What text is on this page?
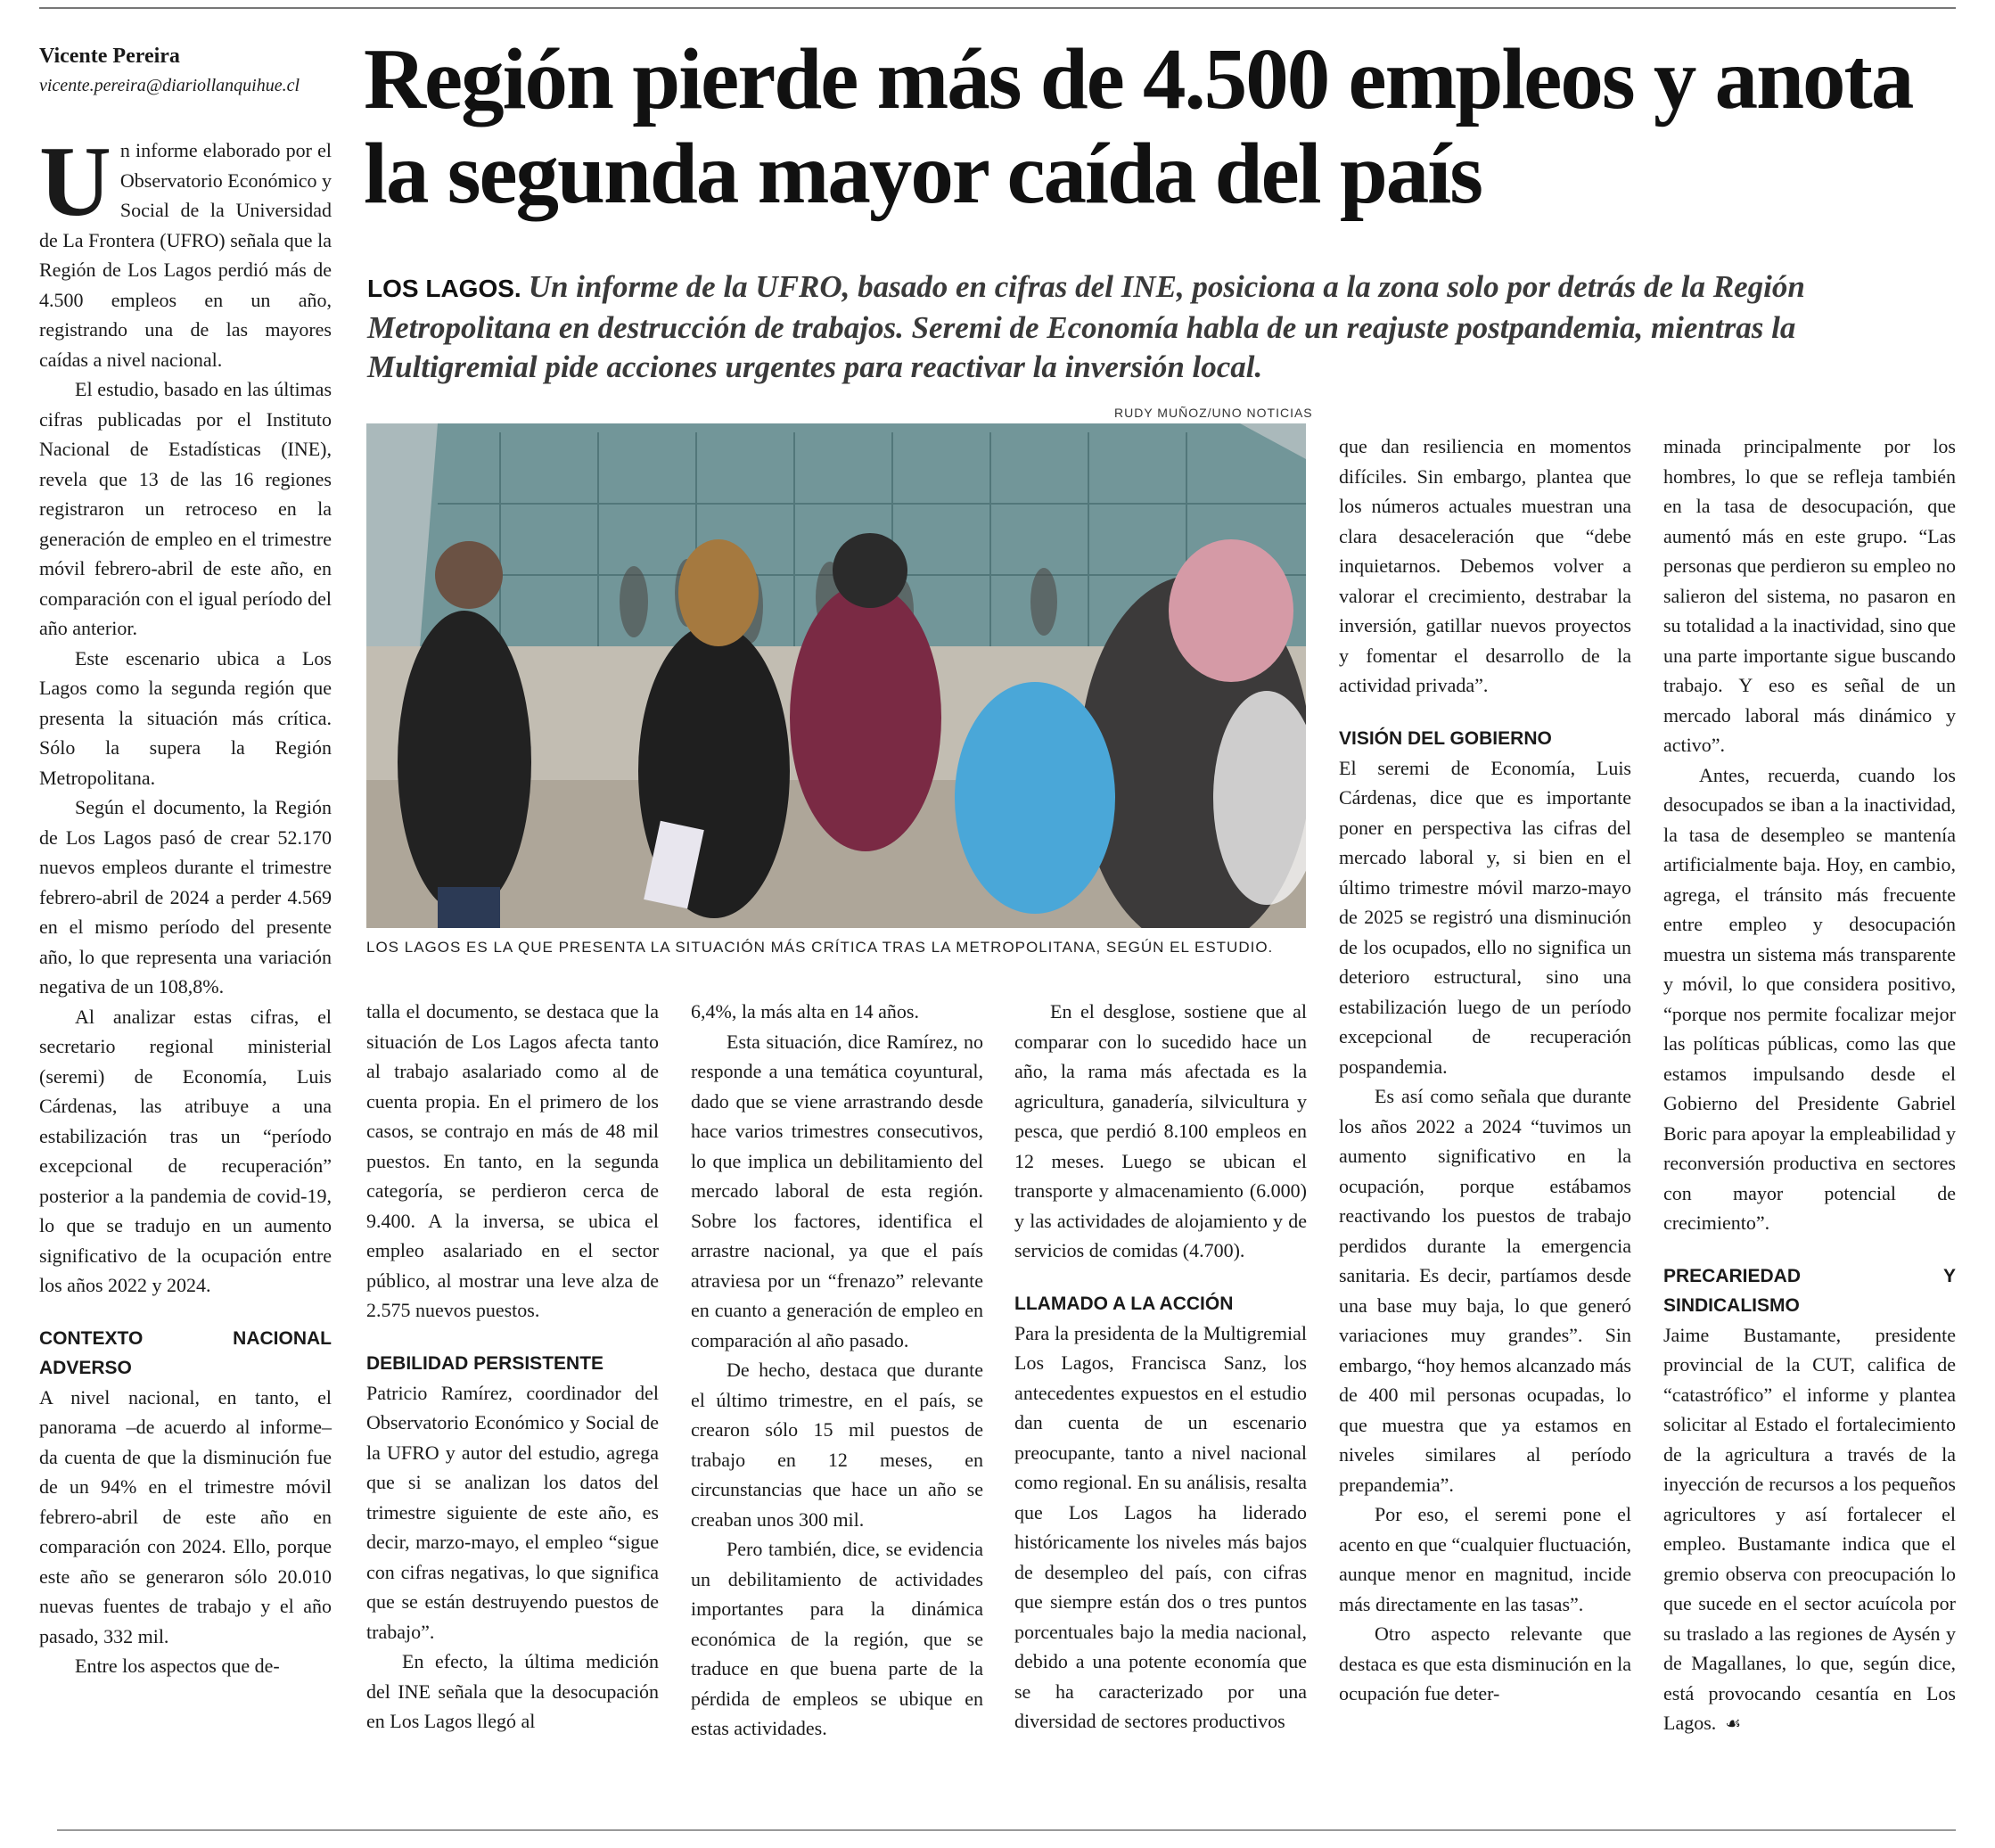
Vicente Pereira
vicente.pereira@diariollanquihue.cl Región pierde más de 4.500 empleos y anota la segunda mayor caída del país
LOS LAGOS. Un informe de la UFRO, basado en cifras del INE, posiciona a la zona solo por detrás de la Región Metropolitana en destrucción de trabajos. Seremi de Economía habla de un reajuste postpandemia, mientras la Multigremial pide acciones urgentes para reactivar la inversión local.
RUDY MUÑOZ/UNO NOTICIAS
LOS LAGOS ES LA QUE PRESENTA LA SITUACIÓN MÁS CRÍTICA TRAS LA METROPOLITANA, SEGÚN EL ESTUDIO.

Un informe elaborado por el Observatorio Económico y Social de la Universidad de La Frontera (UFRO) señala que la Región de Los Lagos perdió más de 4.500 empleos en un año, registrando una de las mayores caídas a nivel nacional.

El estudio, basado en las últimas cifras publicadas por el Instituto Nacional de Estadísticas (INE), revela que 13 de las 16 regiones registraron un retroceso en la generación de empleo en el trimestre móvil febrero-abril de este año, en comparación con el igual período del año anterior.

Este escenario ubica a Los Lagos como la segunda región que presenta la situación más crítica. Sólo la supera la Región Metropolitana.

Según el documento, la Región de Los Lagos pasó de crear 52.170 nuevos empleos durante el trimestre febrero-abril de 2024 a perder 4.569 en el mismo período del presente año, lo que representa una variación negativa de un 108,8%.

Al analizar estas cifras, el secretario regional ministerial (seremi) de Economía, Luis Cárdenas, las atribuye a una estabilización tras un “período excepcional de recuperación” posterior a la pandemia de covid-19, lo que se tradujo en un aumento significativo de la ocupación entre los años 2022 y 2024.

CONTEXTO NACIONAL ADVERSO

A nivel nacional, en tanto, el panorama –de acuerdo al informe– da cuenta de que la disminución fue de un 94% en el trimestre móvil febrero-abril de este año en comparación con 2024. Ello, porque este año se generaron sólo 20.010 nuevas fuentes de trabajo y el año pasado, 332 mil.

Entre los aspectos que de-

talla el documento, se destaca que la situación de Los Lagos afecta tanto al trabajo asalariado como al de cuenta propia. En el primero de los casos, se contrajo en más de 48 mil puestos. En tanto, en la segunda categoría, se perdieron cerca de 9.400. A la inversa, se ubica el empleo asalariado en el sector público, al mostrar una leve alza de 2.575 nuevos puestos.

DEBILIDAD PERSISTENTE

Patricio Ramírez, coordinador del Observatorio Económico y Social de la UFRO y autor del estudio, agrega que si se analizan los datos del trimestre siguiente de este año, es decir, marzo-mayo, el empleo “sigue con cifras negativas, lo que significa que se están destruyendo puestos de trabajo”.

En efecto, la última medición del INE señala que la desocupación en Los Lagos llegó al

6,4%, la más alta en 14 años.

Esta situación, dice Ramírez, no responde a una temática coyuntural, dado que se viene arrastrando desde hace varios trimestres consecutivos, lo que implica un debilitamiento del mercado laboral de esta región. Sobre los factores, identifica el arrastre nacional, ya que el país atraviesa por un “frenazo” relevante en cuanto a generación de empleo en comparación al año pasado.

De hecho, destaca que durante el último trimestre, en el país, se crearon sólo 15 mil puestos de trabajo en 12 meses, en circunstancias que hace un año se creaban unos 300 mil.

Pero también, dice, se evidencia un debilitamiento de actividades importantes para la dinámica económica de la región, que se traduce en que buena parte de la pérdida de empleos se ubique en estas actividades.

En el desglose, sostiene que al comparar con lo sucedido hace un año, la rama más afectada es la agricultura, ganadería, silvicultura y pesca, que perdió 8.100 empleos en 12 meses. Luego se ubican el transporte y almacenamiento (6.000) y las actividades de alojamiento y de servicios de comidas (4.700).

LLAMADO A LA ACCIÓN

Para la presidenta de la Multigremial Los Lagos, Francisca Sanz, los antecedentes expuestos en el estudio dan cuenta de un escenario preocupante, tanto a nivel nacional como regional. En su análisis, resalta que Los Lagos ha liderado históricamente los niveles más bajos de desempleo del país, con cifras que siempre están dos o tres puntos porcentuales bajo la media nacional, debido a una potente economía que se ha caracterizado por una diversidad de sectores productivos

que dan resiliencia en momentos difíciles. Sin embargo, plantea que los números actuales muestran una clara desaceleración que “debe inquietarnos. Debemos volver a valorar el crecimiento, destrabar la inversión, gatillar nuevos proyectos y fomentar el desarrollo de la actividad privada”.

VISIÓN DEL GOBIERNO

El seremi de Economía, Luis Cárdenas, dice que es importante poner en perspectiva las cifras del mercado laboral y, si bien en el último trimestre móvil marzo-mayo de 2025 se registró una disminución de los ocupados, ello no significa un deterioro estructural, sino una estabilización luego de un período excepcional de recuperación pospandemia.

Es así como señala que durante los años 2022 a 2024 “tuvimos un aumento significativo en la ocupación, porque estábamos reactivando los puestos de trabajo perdidos durante la emergencia sanitaria. Es decir, partíamos desde una base muy baja, lo que generó variaciones muy grandes”. Sin embargo, “hoy hemos alcanzado más de 400 mil personas ocupadas, lo que muestra que ya estamos en niveles similares al período prepandemia”.

Por eso, el seremi pone el acento en que “cualquier fluctuación, aunque menor en magnitud, incide más directamente en las tasas”.

Otro aspecto relevante que destaca es que esta disminución en la ocupación fue deter-

minada principalmente por los hombres, lo que se refleja también en la tasa de desocupación, que aumentó más en este grupo. “Las personas que perdieron su empleo no salieron del sistema, no pasaron en su totalidad a la inactividad, sino que una parte importante sigue buscando trabajo. Y eso es señal de un mercado laboral más dinámico y activo”.

Antes, recuerda, cuando los desocupados se iban a la inactividad, la tasa de desempleo se mantenía artificialmente baja. Hoy, en cambio, agrega, el tránsito más frecuente entre empleo y desocupación muestra un sistema más transparente y móvil, lo que considera positivo, “porque nos permite focalizar mejor las políticas públicas, como las que estamos impulsando desde el Gobierno del Presidente Gabriel Boric para apoyar la empleabilidad y reconversión productiva en sectores con mayor potencial de crecimiento”.

PRECARIEDAD Y SINDICALISMO

Jaime Bustamante, presidente provincial de la CUT, califica de “catastrófico” el informe y plantea solicitar al Estado el fortalecimiento de la agricultura a través de la inyección de recursos a los pequeños agricultores y así fortalecer el empleo. Bustamante indica que el gremio observa con preocupación lo que sucede en el sector acuícola por su traslado a las regiones de Aysén y de Magallanes, lo que, según dice, está provocando cesantía en Los Lagos. ☙
